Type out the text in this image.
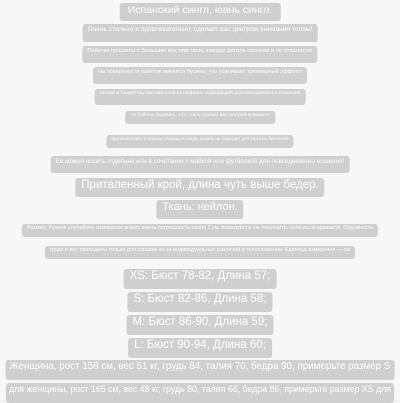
Испанский сингл, юань сингл.
Очень стильно и привлекательно, сделает вас центром внимания толпы!
Пайетки пришиты с большим мастерством, каждая деталь прочная и не отвалится!
На поверхности пайеток имеются бусины, что усиливает трехмерный эффект!
Легкий и тонкий внутренний слой из шифона, подходящий для повседневного ношения!
Не бойтесь надевать, этот стиль сделает вас центром внимания!
Крупный вырез и вырезы спереди и сзади, дизайн не подходит для скрытых бретелей!
Ее можно носить отдельно или в сочетании с майкой или футболкой для повседневного ношения!
Приталенный крой, длина чуть выше бедер.
Ткань: нейлон.
Размер: Ручное случайное измерение может иметь погрешность около 2 см, пожалуйста, не покупайте, если вы возражаете. Окружность
груди и вес приведены только для справки из-за индивидуальных различий в телосложении. Единица измерения — см
XS: Бюст 78-82, Длина 57;
S: Бюст 82-86, Длина 58;
M: Бюст 86-90, Длина 59;
L: Бюст 90-94, Длина 60;
Женщина, рост 158 см, вес 51 кг, грудь 84, талия 70, бедра 90, примерьте размер S
для женщины, рост 165 см, вес 48 кг, грудь 80, талия 66, бедра 86, примерьте размер XS для
